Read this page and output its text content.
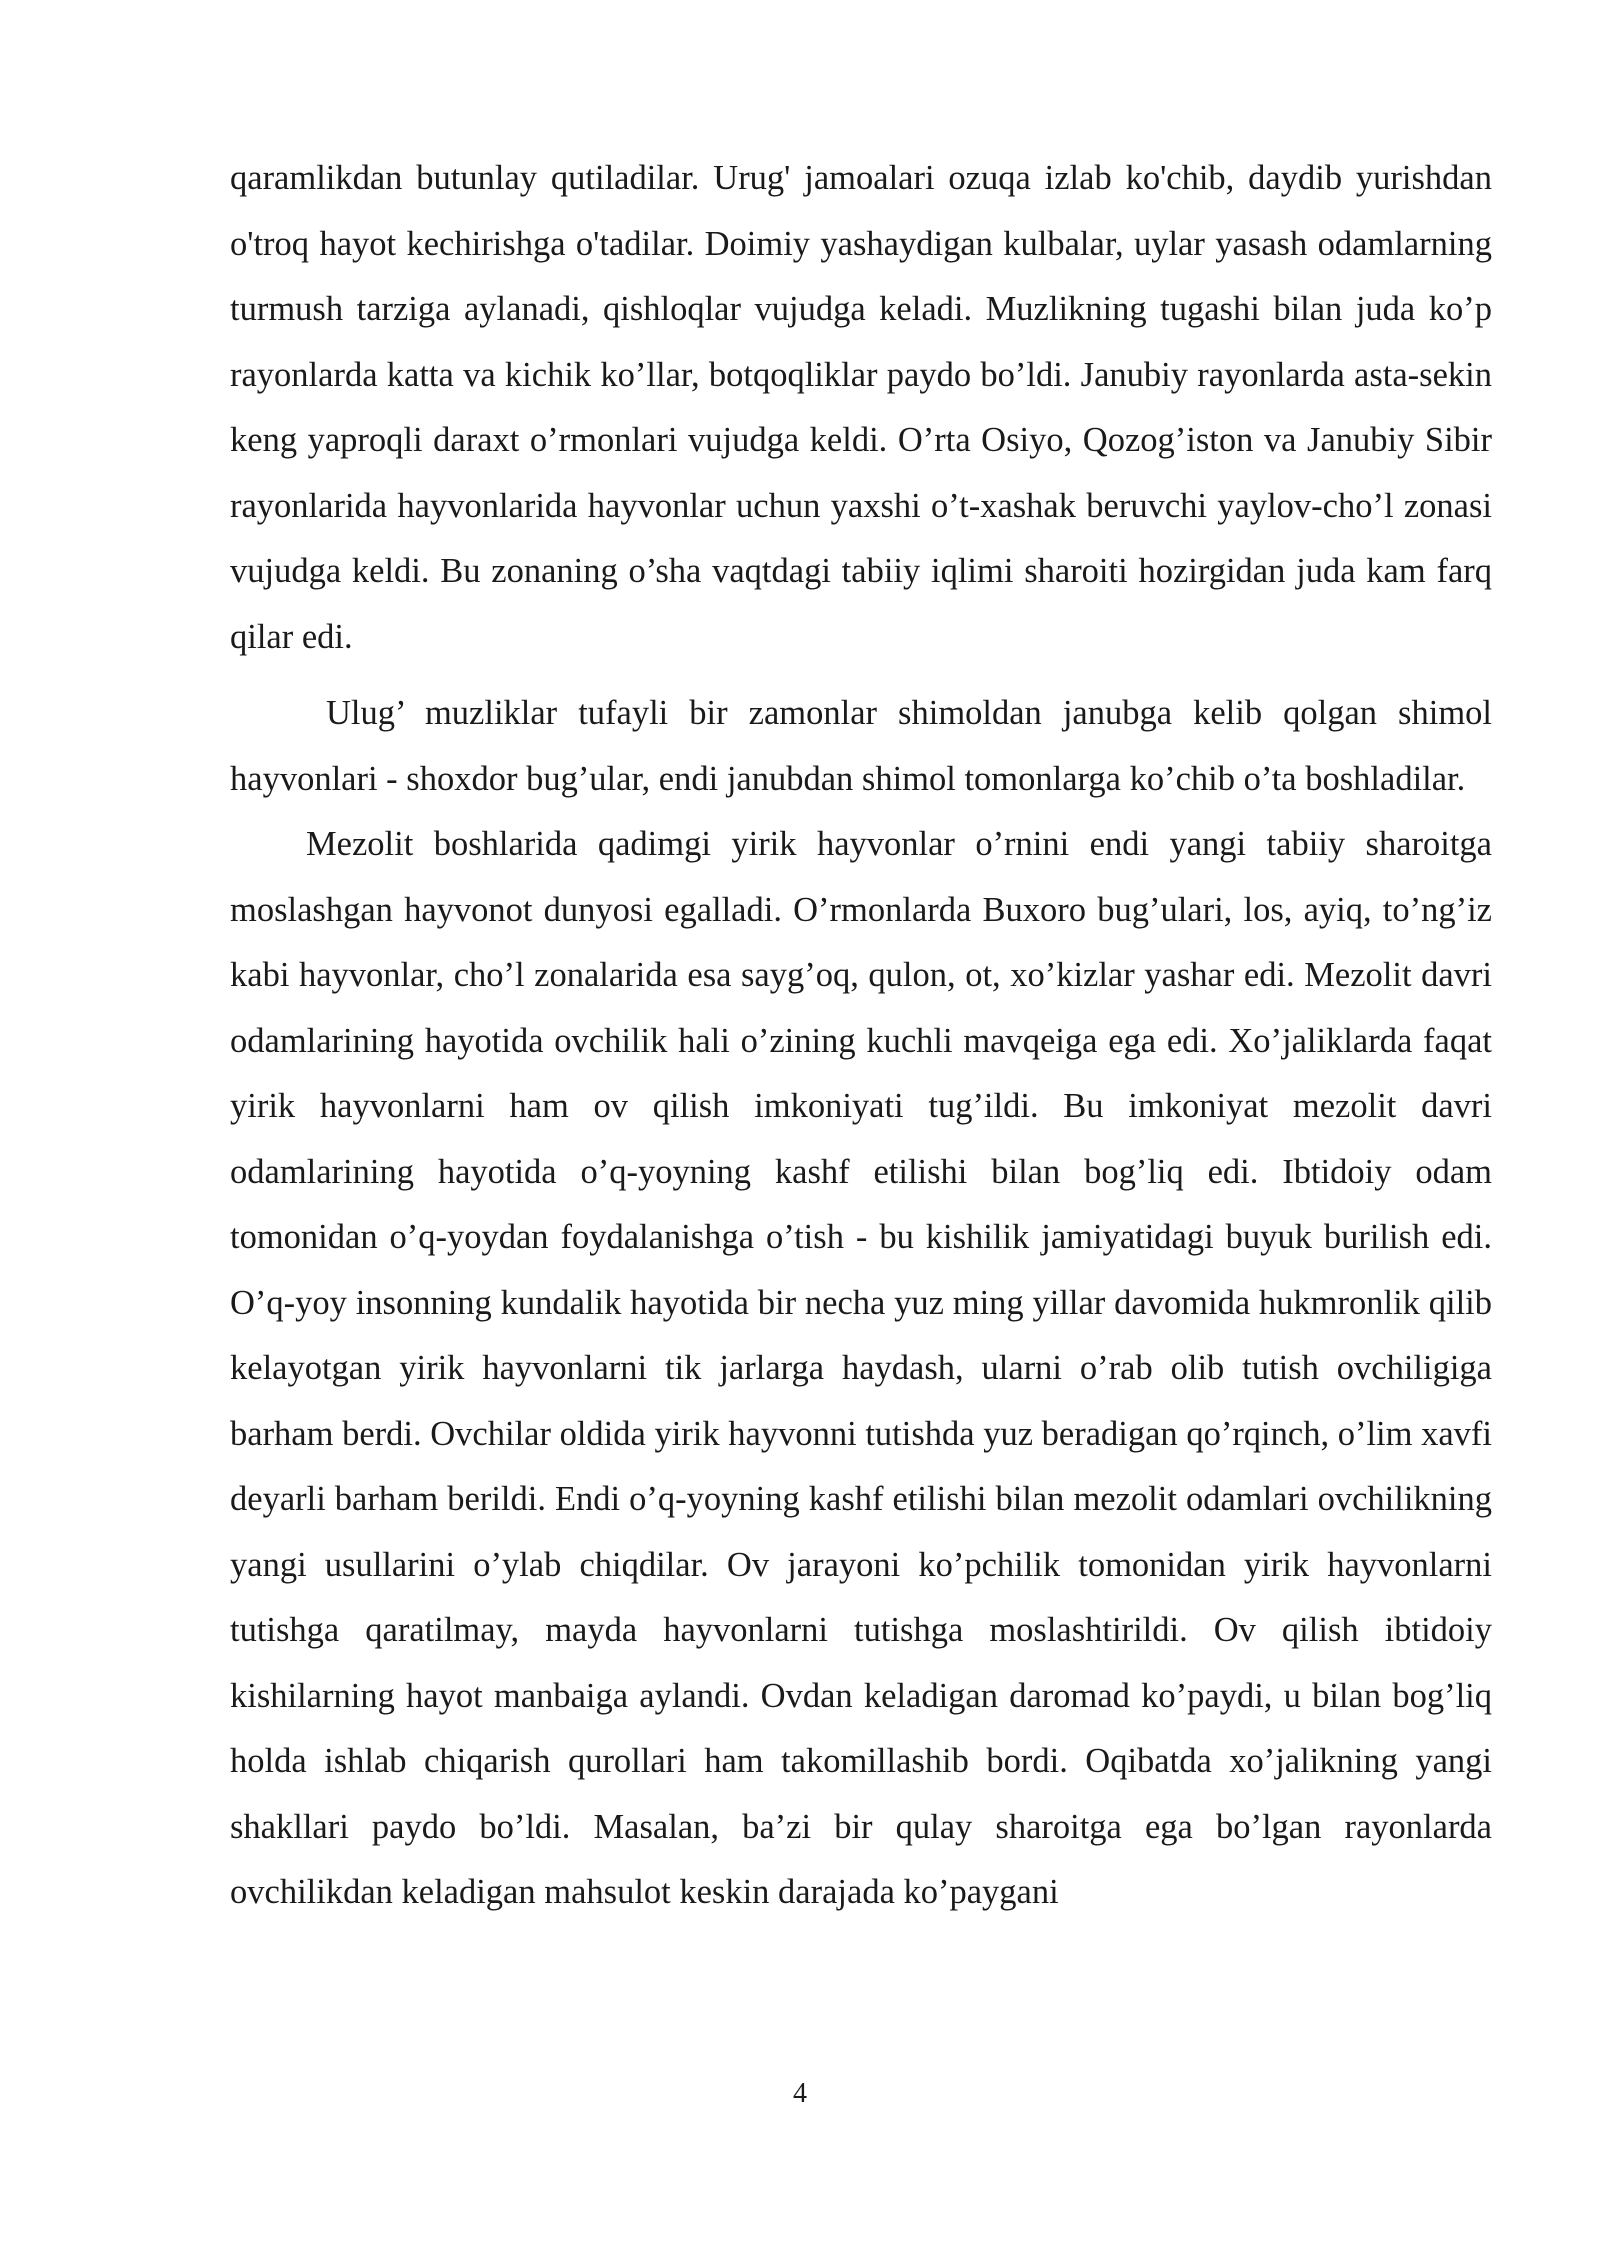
qaramlikdan butunlay qutiladilar. Urug' jamoalari ozuqa izlab ko'chib, daydib yurishdan o'troq hayot kechirishga o'tadilar. Doimiy yashaydigan kulbalar, uylar yasash odamlarning turmush tarziga aylanadi, qishloqlar vujudga keladi. Muzlikning tugashi bilan juda ko’p rayonlarda katta va kichik ko’llar, botqoqliklar paydo bo’ldi. Janubiy rayonlarda asta-sekin keng yaproqli daraxt o’rmonlari vujudga keldi. O’rta Osiyo, Qozog’iston va Janubiy Sibir rayonlarida hayvonlarida hayvonlar uchun yaxshi o’t-xashak beruvchi yaylov-cho’l zonasi vujudga keldi. Bu zonaning o’sha vaqtdagi tabiiy iqlimi sharoiti hozirgidan juda kam farq qilar edi.

Ulug’ muzliklar tufayli bir zamonlar shimoldan janubga kelib qolgan shimol hayvonlari - shoxdor bug’ular, endi janubdan shimol tomonlarga ko’chib o’ta boshladilar.

Mezolit boshlarida qadimgi yirik hayvonlar o’rnini endi yangi tabiiy sharoitga moslashgan hayvonot dunyosi egalladi. O’rmonlarda Buxoro bug’ulari, los, ayiq, to’ng’iz kabi hayvonlar, cho’l zonalarida esa sayg’oq, qulon, ot, xo’kizlar yashar edi. Mezolit davri odamlarining hayotida ovchilik hali o’zining kuchli mavqeiga ega edi. Xo’jaliklarda faqat yirik hayvonlarni ham ov qilish imkoniyati tug’ildi. Bu imkoniyat mezolit davri odamlarining hayotida o’q-yoyning kashf etilishi bilan bog’liq edi. Ibtidoiy odam tomonidan o’q-yoydan foydalanishga o’tish - bu kishilik jamiyatidagi buyuk burilish edi. O’q-yoy insonning kundalik hayotida bir necha yuz ming yillar davomida hukmronlik qilib kelayotgan yirik hayvonlarni tik jarlarga haydash, ularni o’rab olib tutish ovchiligiga barham berdi. Ovchilar oldida yirik hayvonni tutishda yuz beradigan qo’rqinch, o’lim xavfi deyarli barham berildi. Endi o’q-yoyning kashf etilishi bilan mezolit odamlari ovchilikning yangi usullarini o’ylab chiqdilar. Ov jarayoni ko’pchilik tomonidan yirik hayvonlarni tutishga qaratilmay, mayda hayvonlarni tutishga moslashtirildi. Ov qilish ibtidoiy kishilarning hayot manbaiga aylandi. Ovdan keladigan daromad ko’paydi, u bilan bog’liq holda ishlab chiqarish qurollari ham takomillashib bordi. Oqibatda xo’jalikning yangi shakllari paydo bo’ldi. Masalan, ba’zi bir qulay sharoitga ega bo’lgan rayonlarda ovchilikdan keladigan mahsulot keskin darajada ko’paygani

4
